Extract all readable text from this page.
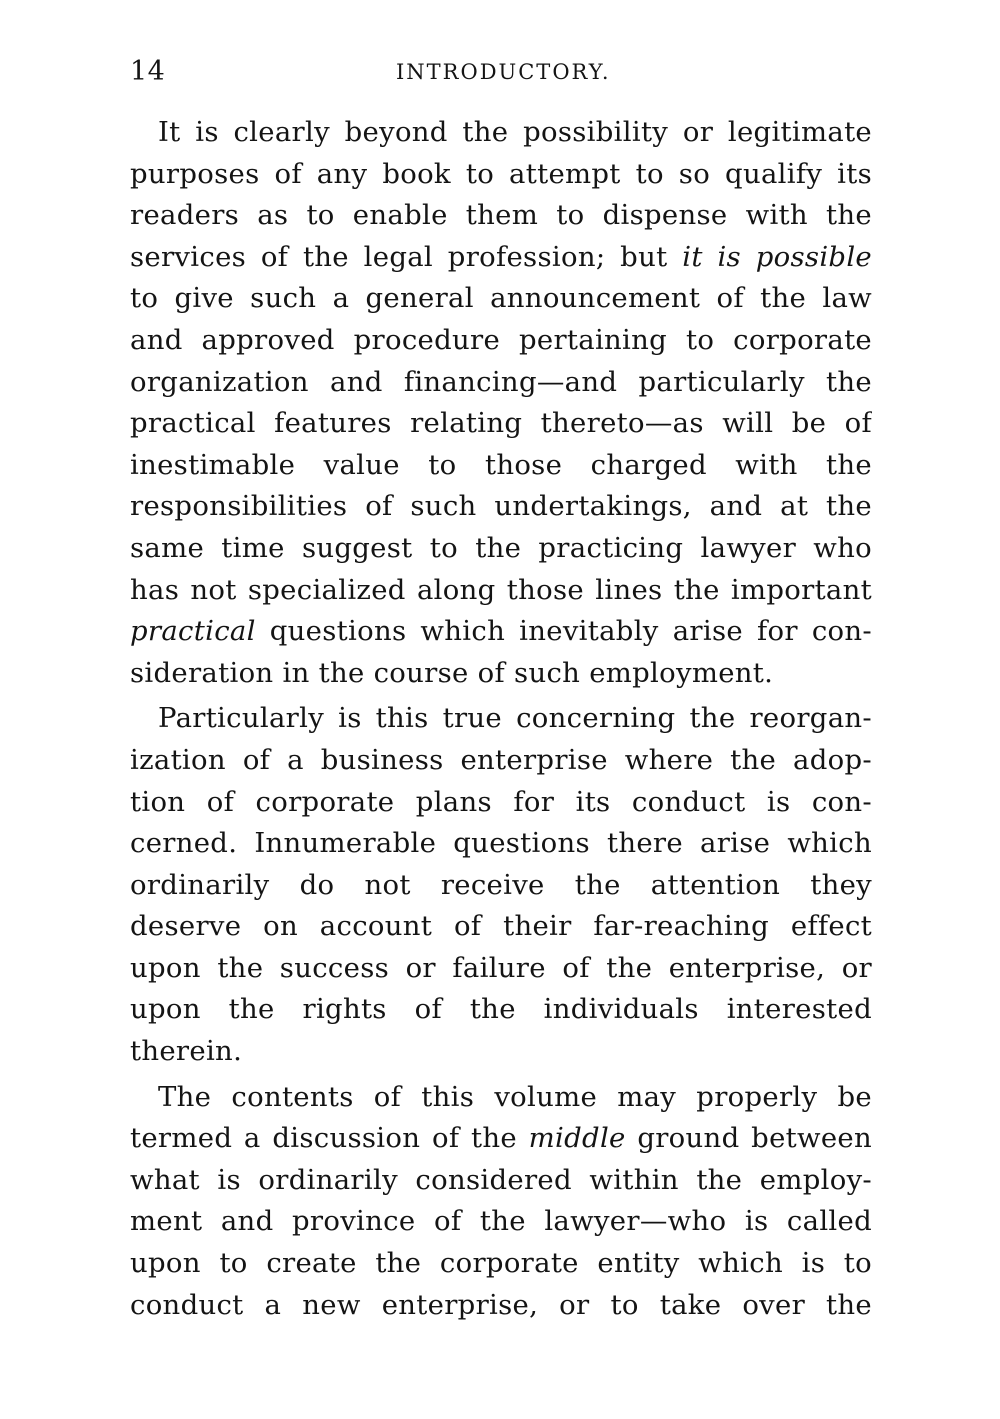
14	INTRODUCTORY.
It is clearly beyond the possibility or legitimate
purposes of any book to attempt to so qualify its
readers as to enable them to dispense with the
services of the legal profession; but it is possible
to give such a general announcement of the law
and approved procedure pertaining to corporate
organization and financing—and particularly the
practical features relating thereto—as will be of
inestimable value to those charged with the
responsibilities of such undertakings, and at the
same time suggest to the practicing lawyer who
has not specialized along those lines the important
practical questions which inevitably arise for con-
sideration in the course of such employment.
Particularly is this true concerning the reorgan-
ization of a business enterprise where the adop-
tion of corporate plans for its conduct is con-
cerned. Innumerable questions there arise which
ordinarily do not receive the attention they
deserve on account of their far-reaching effect
upon the success or failure of the enterprise, or
upon the rights of the individuals interested
therein.
The contents of this volume may properly be
termed a discussion of the middle ground between
what is ordinarily considered within the employ-
ment and province of the lawyer—who is called
upon to create the corporate entity which is to
conduct a new enterprise, or to take over the
